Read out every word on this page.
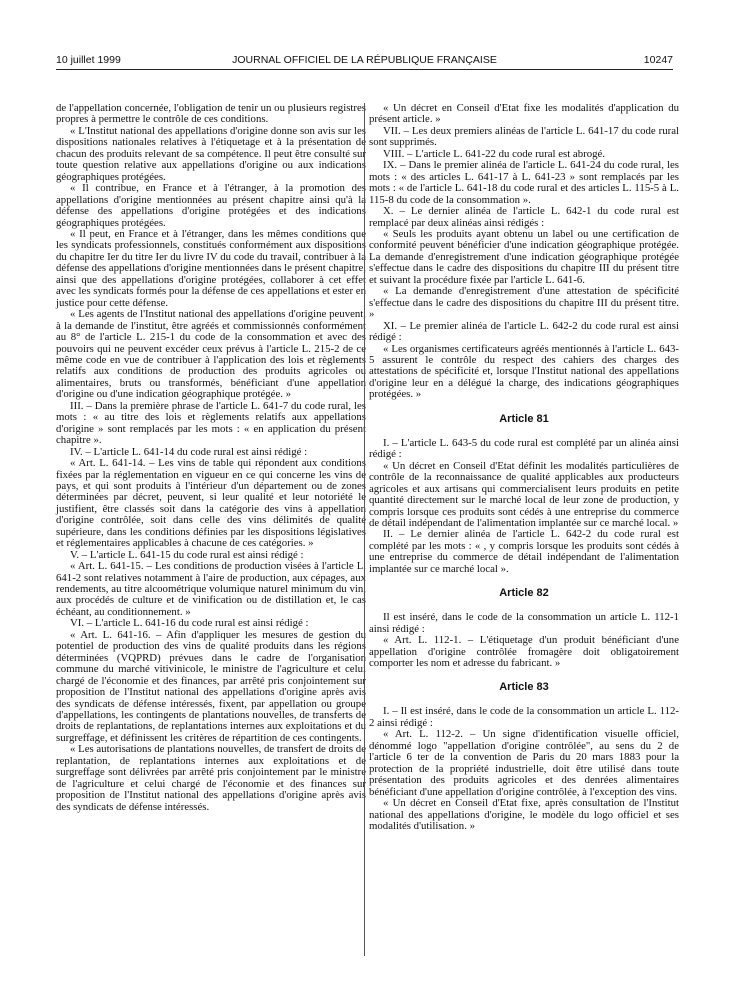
10 juillet 1999	JOURNAL OFFICIEL DE LA RÉPUBLIQUE FRANÇAISE	10247

de l'appellation concernée, l'obligation de tenir un ou plusieurs registres propres à permettre le contrôle de ces conditions.

« L'Institut national des appellations d'origine donne son avis sur les dispositions nationales relatives à l'étiquetage et à la présentation de chacun des produits relevant de sa compétence. Il peut être consulté sur toute question relative aux appellations d'origine ou aux indications géographiques protégées.

« Il contribue, en France et à l'étranger, à la promotion des appellations d'origine mentionnées au présent chapitre ainsi qu'à la défense des appellations d'origine protégées et des indications géographiques protégées.

« Il peut, en France et à l'étranger, dans les mêmes conditions que les syndicats professionnels, constitués conformément aux dispositions du chapitre Ier du titre Ier du livre IV du code du travail, contribuer à la défense des appellations d'origine mentionnées dans le présent chapitre, ainsi que des appellations d'origine protégées, collaborer à cet effet avec les syndicats formés pour la défense de ces appellations et ester en justice pour cette défense.

« Les agents de l'Institut national des appellations d'origine peuvent, à la demande de l'institut, être agréés et commissionnés conformément au 8° de l'article L. 215-1 du code de la consommation et avec des pouvoirs qui ne peuvent excéder ceux prévus à l'article L. 215-2 de ce même code en vue de contribuer à l'application des lois et règlements relatifs aux conditions de production des produits agricoles ou alimentaires, bruts ou transformés, bénéficiant d'une appellation d'origine ou d'une indication géographique protégée. »

III. – Dans la première phrase de l'article L. 641-7 du code rural, les mots : « au titre des lois et règlements relatifs aux appellations d'origine » sont remplacés par les mots : « en application du présent chapitre ».

IV. – L'article L. 641-14 du code rural est ainsi rédigé :

« Art. L. 641-14. – Les vins de table qui répondent aux conditions fixées par la réglementation en vigueur en ce qui concerne les vins de pays, et qui sont produits à l'intérieur d'un département ou de zones déterminées par décret, peuvent, si leur qualité et leur notoriété le justifient, être classés soit dans la catégorie des vins à appellation d'origine contrôlée, soit dans celle des vins délimités de qualité supérieure, dans les conditions définies par les dispositions législatives et réglementaires applicables à chacune de ces catégories. »

V. – L'article L. 641-15 du code rural est ainsi rédigé :

« Art. L. 641-15. – Les conditions de production visées à l'article L. 641-2 sont relatives notamment à l'aire de production, aux cépages, aux rendements, au titre alcoométrique volumique naturel minimum du vin, aux procédés de culture et de vinification ou de distillation et, le cas échéant, au conditionnement. »

VI. – L'article L. 641-16 du code rural est ainsi rédigé :

« Art. L. 641-16. – Afin d'appliquer les mesures de gestion du potentiel de production des vins de qualité produits dans les régions déterminées (VQPRD) prévues dans le cadre de l'organisation commune du marché vitivinicole, le ministre de l'agriculture et celui chargé de l'économie et des finances, par arrêté pris conjointement sur proposition de l'Institut national des appellations d'origine après avis des syndicats de défense intéressés, fixent, par appellation ou groupe d'appellations, les contingents de plantations nouvelles, de transferts de droits de replantations, de replantations internes aux exploitations et du surgreffage, et définissent les critères de répartition de ces contingents.

« Les autorisations de plantations nouvelles, de transfert de droits de replantation, de replantations internes aux exploitations et de surgreffage sont délivrées par arrêté pris conjointement par le ministre de l'agriculture et celui chargé de l'économie et des finances sur proposition de l'Institut national des appellations d'origine après avis des syndicats de défense intéressés.

« Un décret en Conseil d'Etat fixe les modalités d'application du présent article. »

VII. – Les deux premiers alinéas de l'article L. 641-17 du code rural sont supprimés.

VIII. – L'article L. 641-22 du code rural est abrogé.

IX. – Dans le premier alinéa de l'article L. 641-24 du code rural, les mots : « des articles L. 641-17 à L. 641-23 » sont remplacés par les mots : « de l'article L. 641-18 du code rural et des articles L. 115-5 à L. 115-8 du code de la consommation ».

X. – Le dernier alinéa de l'article L. 642-1 du code rural est remplacé par deux alinéas ainsi rédigés :

« Seuls les produits ayant obtenu un label ou une certification de conformité peuvent bénéficier d'une indication géographique protégée. La demande d'enregistrement d'une indication géographique protégée s'effectue dans le cadre des dispositions du chapitre III du présent titre et suivant la procédure fixée par l'article L. 641-6.

« La demande d'enregistrement d'une attestation de spécificité s'effectue dans le cadre des dispositions du chapitre III du présent titre. »

XI. – Le premier alinéa de l'article L. 642-2 du code rural est ainsi rédigé :

« Les organismes certificateurs agréés mentionnés à l'article L. 643-5 assurent le contrôle du respect des cahiers des charges des attestations de spécificité et, lorsque l'Institut national des appellations d'origine leur en a délégué la charge, des indications géographiques protégées. »

Article 81

I. – L'article L. 643-5 du code rural est complété par un alinéa ainsi rédigé :

« Un décret en Conseil d'Etat définit les modalités particulières de contrôle de la reconnaissance de qualité applicables aux producteurs agricoles et aux artisans qui commercialisent leurs produits en petite quantité directement sur le marché local de leur zone de production, y compris lorsque ces produits sont cédés à une entreprise du commerce de détail indépendant de l'alimentation implantée sur ce marché local. »

II. – Le dernier alinéa de l'article L. 642-2 du code rural est complété par les mots : « , y compris lorsque les produits sont cédés à une entreprise du commerce de détail indépendant de l'alimentation implantée sur ce marché local ».

Article 82

Il est inséré, dans le code de la consommation un article L. 112-1 ainsi rédigé :

« Art. L. 112-1. – L'étiquetage d'un produit bénéficiant d'une appellation d'origine contrôlée fromagère doit obligatoirement comporter les nom et adresse du fabricant. »

Article 83

I. – Il est inséré, dans le code de la consommation un article L. 112-2 ainsi rédigé :

« Art. L. 112-2. – Un signe d'identification visuelle officiel, dénommé logo "appellation d'origine contrôlée", au sens du 2 de l'article 6 ter de la convention de Paris du 20 mars 1883 pour la protection de la propriété industrielle, doit être utilisé dans toute présentation des produits agricoles et des denrées alimentaires bénéficiant d'une appellation d'origine contrôlée, à l'exception des vins.

« Un décret en Conseil d'Etat fixe, après consultation de l'Institut national des appellations d'origine, le modèle du logo officiel et ses modalités d'utilisation. »
